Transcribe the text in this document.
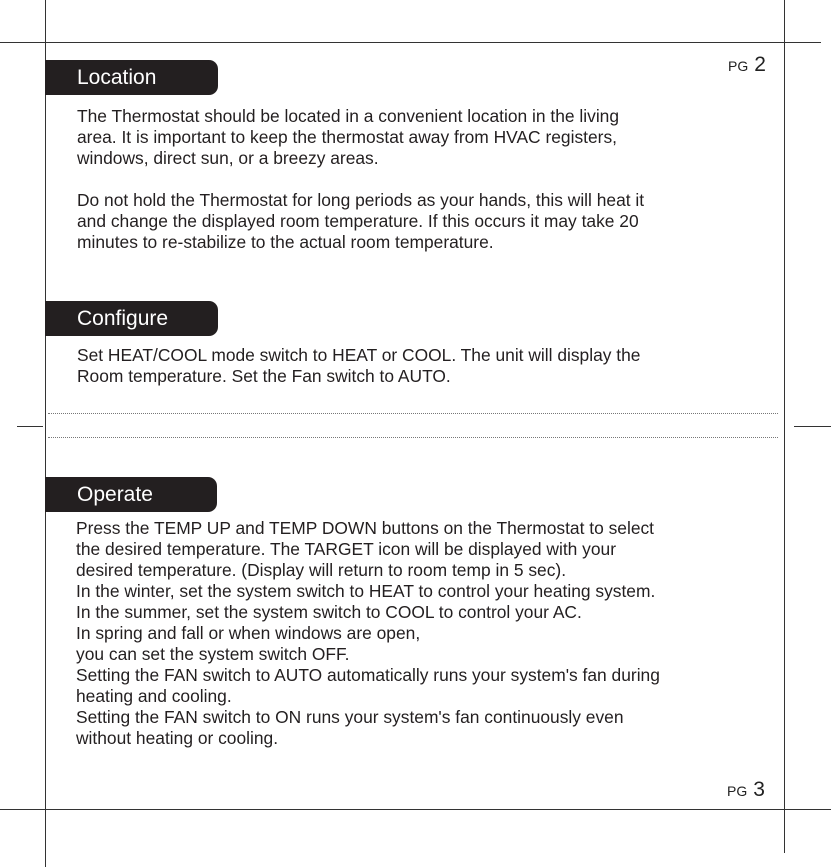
PG 2
PG 3
Location

The Thermostat should be located in a convenient location in the living
area. It is important to keep the thermostat away from HVAC registers,
windows, direct sun, or a breezy areas.

Do not hold the Thermostat for long periods as your hands, this will heat it
and change the displayed room temperature. If this occurs it may take 20
minutes to re-stabilize to the actual room temperature.

Configure

Set HEAT/COOL mode switch to HEAT or COOL. The unit will display the
Room temperature. Set the Fan switch to AUTO.

Operate

Press the TEMP UP and TEMP DOWN buttons on the Thermostat to select
the desired temperature. The TARGET icon will be displayed with your
desired temperature. (Display will return to room temp in 5 sec).
In the winter, set the system switch to HEAT to control your heating system.
In the summer, set the system switch to COOL to control your AC.
In spring and fall or when windows are open,
you can set the system switch OFF.
Setting the FAN switch to AUTO automatically runs your system's fan during
heating and cooling.
Setting the FAN switch to ON runs your system's fan continuously even
without heating or cooling.
